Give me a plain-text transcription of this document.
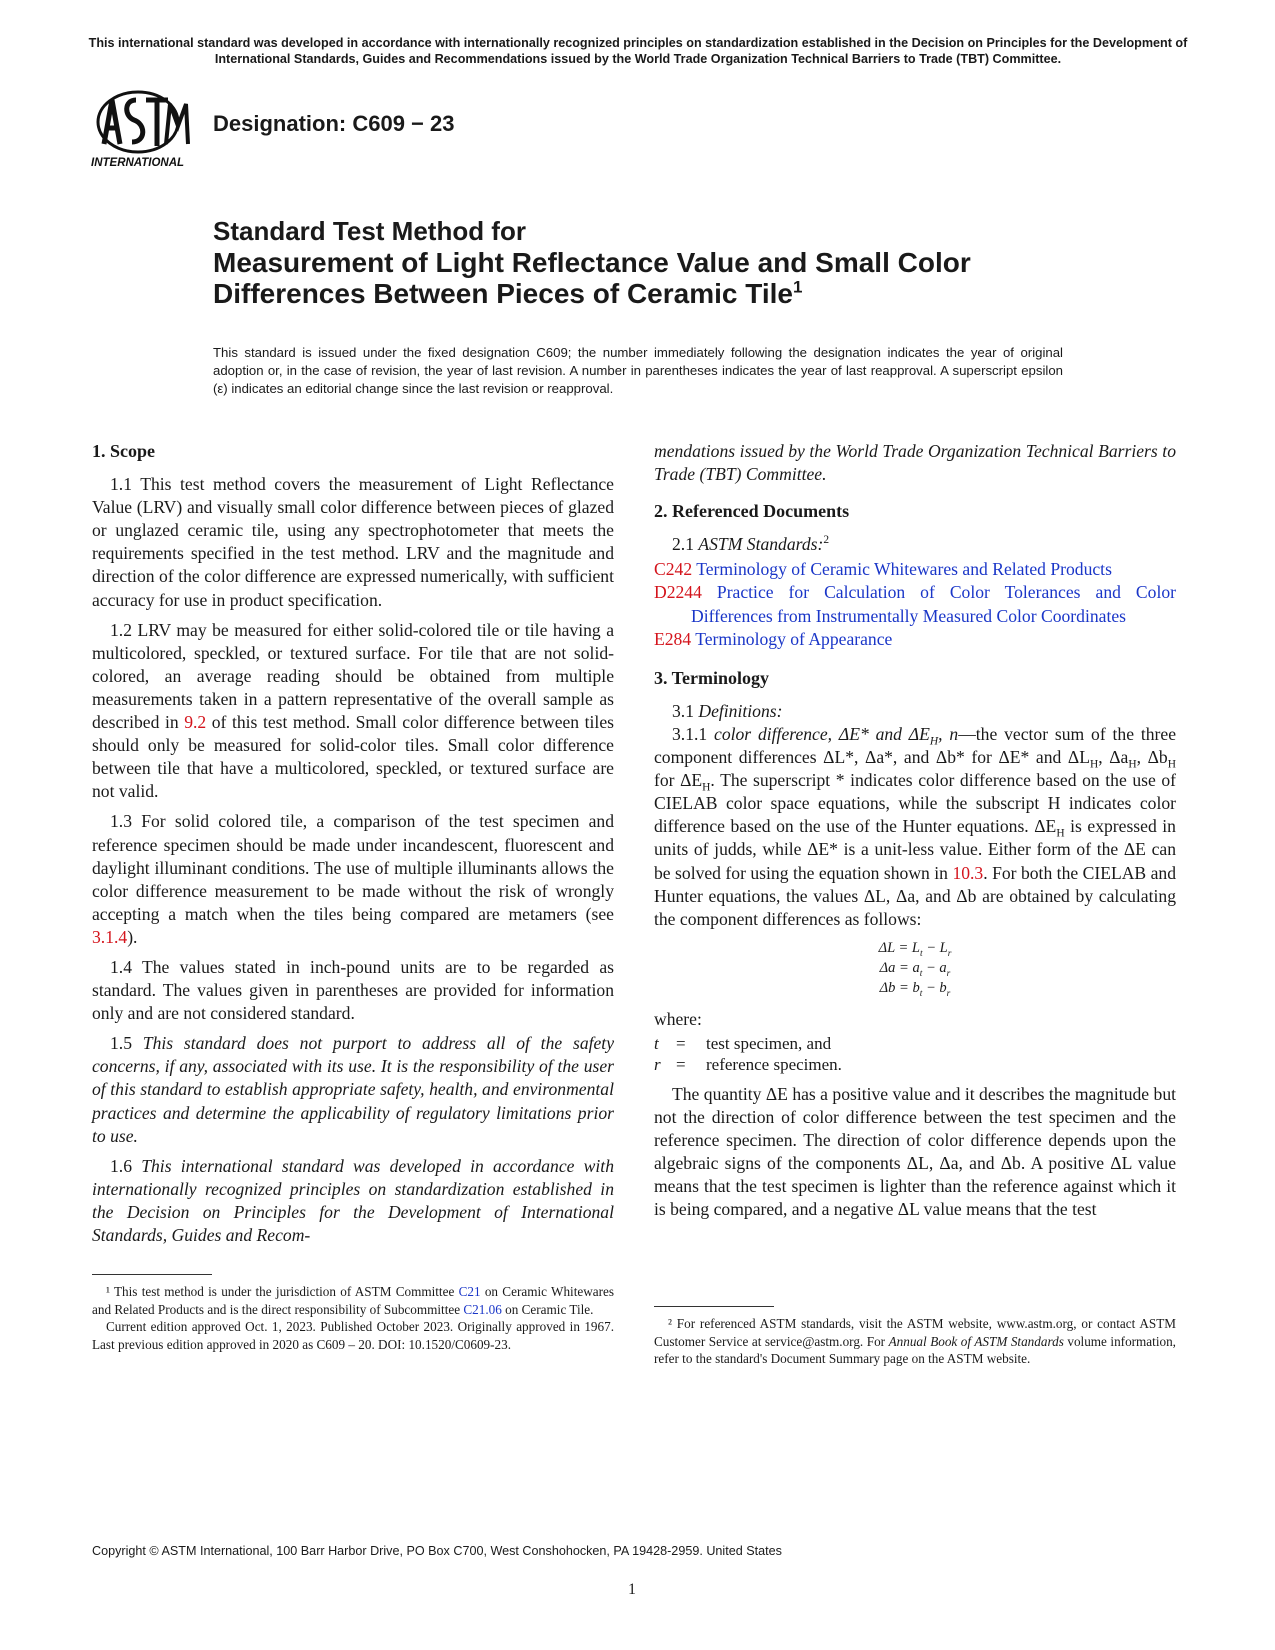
This international standard was developed in accordance with internationally recognized principles on standardization established in the Decision on Principles for the Development of International Standards, Guides and Recommendations issued by the World Trade Organization Technical Barriers to Trade (TBT) Committee.
INTERNATIONAL
Designation: C609 − 23
Standard Test Method for
Measurement of Light Reflectance Value and Small Color
Differences Between Pieces of Ceramic Tile$^1$
This standard is issued under the fixed designation C609; the number immediately following the designation indicates the year of original adoption or, in the case of revision, the year of last revision. A number in parentheses indicates the year of last reapproval. A superscript epsilon (ε) indicates an editorial change since the last revision or reapproval.
1. Scope

1.1 This test method covers the measurement of Light Reflectance Value (LRV) and visually small color difference between pieces of glazed or unglazed ceramic tile, using any spectrophotometer that meets the requirements specified in the test method. LRV and the magnitude and direction of the color difference are expressed numerically, with sufficient accuracy for use in product specification.

1.2 LRV may be measured for either solid-colored tile or tile having a multicolored, speckled, or textured surface. For tile that are not solid-colored, an average reading should be obtained from multiple measurements taken in a pattern representative of the overall sample as described in 9.2 of this test method. Small color difference between tiles should only be measured for solid-color tiles. Small color difference between tile that have a multicolored, speckled, or textured surface are not valid.

1.3 For solid colored tile, a comparison of the test specimen and reference specimen should be made under incandescent, fluorescent and daylight illuminant conditions. The use of multiple illuminants allows the color difference measurement to be made without the risk of wrongly accepting a match when the tiles being compared are metamers (see 3.1.4).

1.4 The values stated in inch-pound units are to be regarded as standard. The values given in parentheses are provided for information only and are not considered standard.

1.5 This standard does not purport to address all of the safety concerns, if any, associated with its use. It is the responsibility of the user of this standard to establish appropriate safety, health, and environmental practices and determine the applicability of regulatory limitations prior to use.

1.6 This international standard was developed in accordance with internationally recognized principles on standardization established in the Decision on Principles for the Development of International Standards, Guides and Recom-

¹ This test method is under the jurisdiction of ASTM Committee C21 on Ceramic Whitewares and Related Products and is the direct responsibility of Subcommittee C21.06 on Ceramic Tile.

Current edition approved Oct. 1, 2023. Published October 2023. Originally approved in 1967. Last previous edition approved in 2020 as C609 – 20. DOI: 10.1520/C0609-23.

mendations issued by the World Trade Organization Technical Barriers to Trade (TBT) Committee.

2. Referenced Documents

2.1 ASTM Standards:$^2$

C242 Terminology of Ceramic Whitewares and Related Products
D2244 Practice for Calculation of Color Tolerances and Color Differences from Instrumentally Measured Color Coordinates
E284 Terminology of Appearance
3. Terminology

3.1 Definitions:

3.1.1 color difference, ΔE* and $\Delta E_H$, n—the vector sum of the three component differences ΔL*, Δa*, and Δb* for ΔE* and $\Delta L_H$, $\Delta a_H$, $\Delta b_H$ for $\Delta E_H$. The superscript * indicates color difference based on the use of CIELAB color space equations, while the subscript H indicates color difference based on the use of the Hunter equations. $\Delta E_H$ is expressed in units of judds, while ΔE* is a unit-less value. Either form of the ΔE can be solved for using the equation shown in 10.3. For both the CIELAB and Hunter equations, the values ΔL, Δa, and Δb are obtained by calculating the component differences as follows:

$\Delta L = L_t - L_r$
$\Delta a = a_t - a_r$
$\Delta b = b_t - b_r$

where:

t	=	test specimen, and
r =	reference specimen.

The quantity ΔE has a positive value and it describes the magnitude but not the direction of color difference between the test specimen and the reference specimen. The direction of color difference depends upon the algebraic signs of the components ΔL, Δa, and Δb. A positive ΔL value means that the test specimen is lighter than the reference against which it is being compared, and a negative ΔL value means that the test

² For referenced ASTM standards, visit the ASTM website, www.astm.org, or contact ASTM Customer Service at service@astm.org. For Annual Book of ASTM Standards volume information, refer to the standard's Document Summary page on the ASTM website.

Copyright © ASTM International, 100 Barr Harbor Drive, PO Box C700, West Conshohocken, PA 19428-2959. United States
1
